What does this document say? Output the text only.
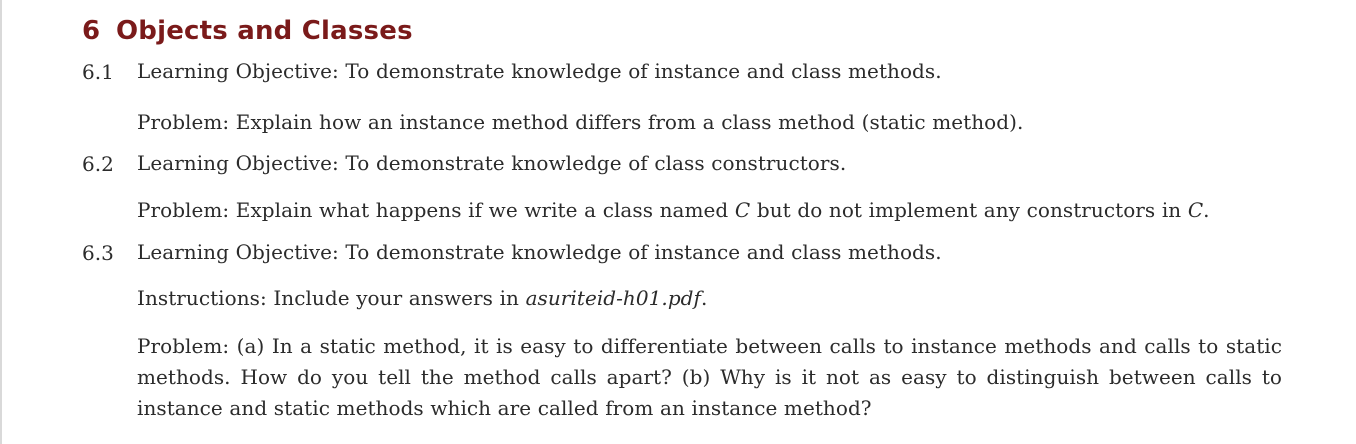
6 Objects and Classes
6.1 Learning Objective: To demonstrate knowledge of instance and class methods.
Problem: Explain how an instance method differs from a class method (static method).
6.2 Learning Objective: To demonstrate knowledge of class constructors.
Problem: Explain what happens if we write a class named C but do not implement any constructors in C.
6.3 Learning Objective: To demonstrate knowledge of instance and class methods.
Instructions: Include your answers in asuriteid-h01.pdf.
Problem: (a) In a static method, it is easy to differentiate between calls to instance methods and calls to static methods. How do you tell the method calls apart? (b) Why is it not as easy to distinguish between calls to instance and static methods which are called from an instance method?
